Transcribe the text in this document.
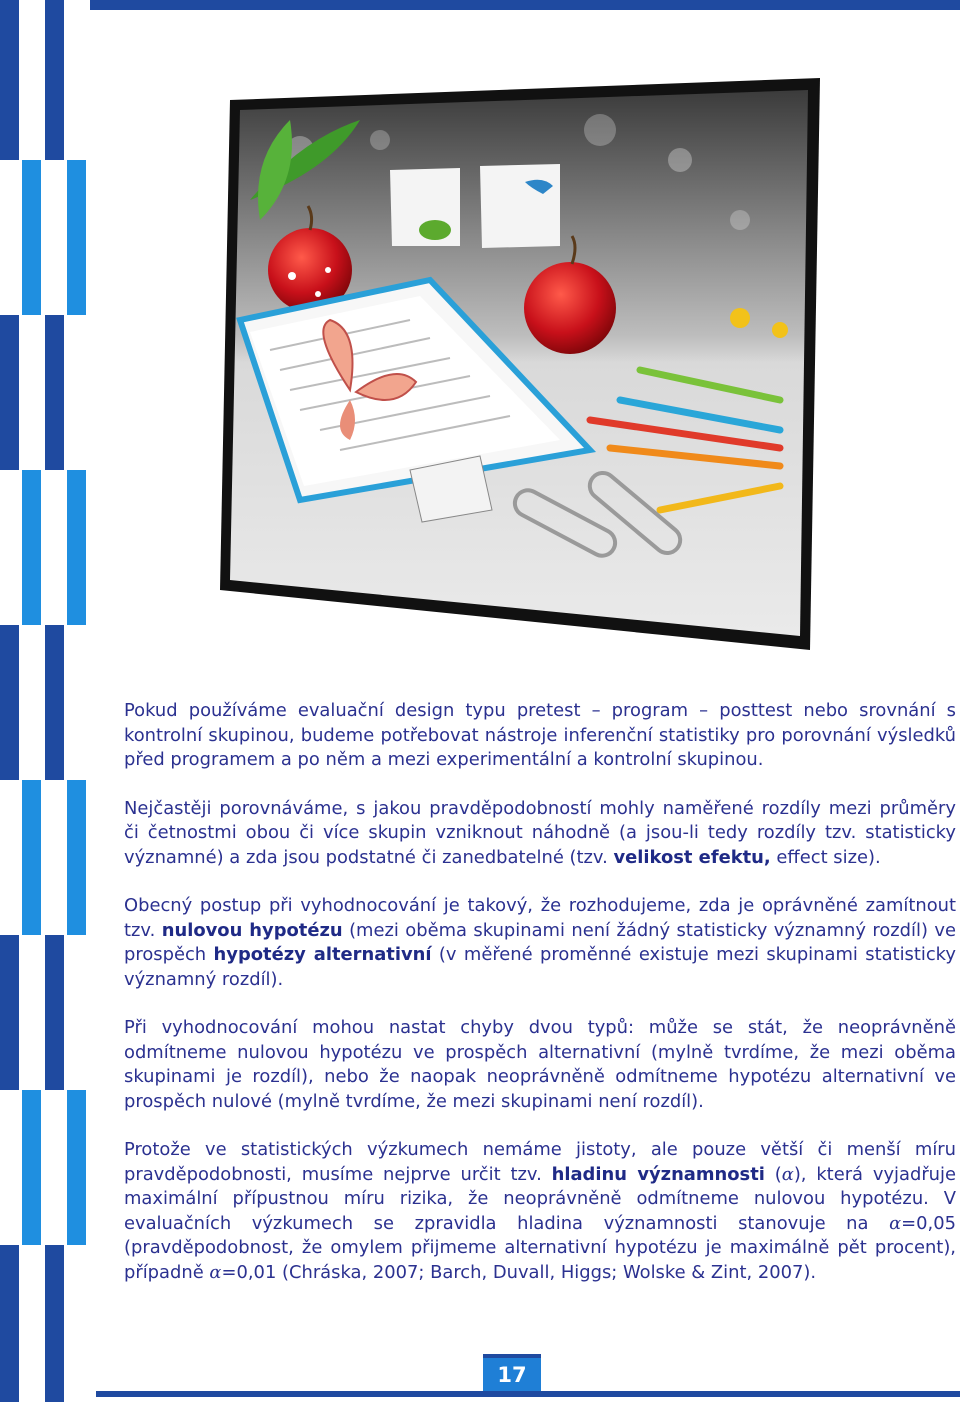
Pokud používáme evaluační design typu pretest – program – posttest nebo srovnání s kontrolní skupinou, budeme potřebovat nástroje inferenční statistiky pro porovnání výsledků před programem a po něm a mezi experimentální a kontrolní skupinou.

Nejčastěji porovnáváme, s jakou pravděpodobností mohly naměřené rozdíly mezi průměry či četnostmi obou či více skupin vzniknout náhodně (a jsou-li tedy rozdíly tzv. statisticky významné) a zda jsou podstatné či zanedbatelné (tzv. velikost efektu, effect size).

Obecný postup při vyhodnocování je takový, že rozhodujeme, zda je oprávněné zamítnout tzv. nulovou hypotézu (mezi oběma skupinami není žádný statisticky významný rozdíl) ve prospěch hypotézy alternativní (v měřené proměnné existuje mezi skupinami statisticky významný rozdíl).

Při vyhodnocování mohou nastat chyby dvou typů: může se stát, že neoprávněně odmítneme nulovou hypotézu ve prospěch alternativní (mylně tvrdíme, že mezi oběma skupinami je rozdíl), nebo že naopak neoprávněně odmítneme hypotézu alternativní ve prospěch nulové (mylně tvrdíme, že mezi skupinami není rozdíl).

Protože ve statistických výzkumech nemáme jistoty, ale pouze větší či menší míru pravděpodobnosti, musíme nejprve určit tzv. hladinu významnosti (α), která vyjadřuje maximální přípustnou míru rizika, že neoprávněně odmítneme nulovou hypotézu. V evaluačních výzkumech se zpravidla hladina významnosti stanovuje na α=0,05 (pravděpodobnost, že omylem přijmeme alternativní hypotézu je maximálně pět procent), případně α=0,01 (Chráska, 2007; Barch, Duvall, Higgs; Wolske & Zint, 2007).

17
